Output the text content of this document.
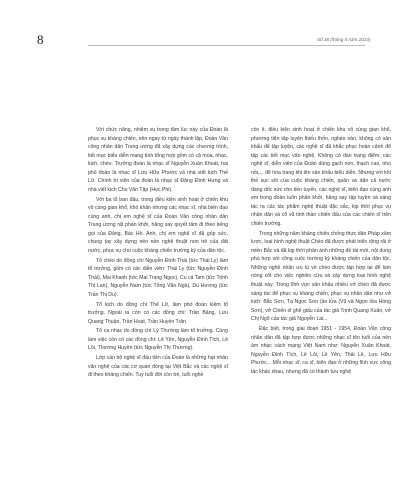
8	Số 36 (tháng 5 năm 2024)

Với chức năng, nhiệm vụ trong tâm lúc này của Đoàn là phục vụ kháng chiến, nên ngay từ ngày thành lập, Đoàn Văn công nhân dân Trung ương đã xây dựng các chương trình, tiết mục biểu diễn mang tính tổng hợp gồm có cả múa, nhạc, kịch, chèo. Trưởng đoàn là nhạc sĩ Nguyễn Xuân Khoát, hai phó đoàn là nhạc sĩ Lưu Hữu Phước và nhà viết kịch Thế Lữ. Chính trị viên của đoàn là nhạc sĩ Đặng Đình Hưng và nhà viết kịch Chu Văn Tập (Học Phi).

Với ba tổ ban đầu, trong điều kiện sinh hoạt ở chiến khu vô cùng gian khổ, khó khăn nhưng các nhạc sĩ, nhà biên đạo cùng anh, chị em nghệ sĩ của Đoàn Văn công nhân dân Trung ương rất phấn khởi, hăng say quyết tâm đi theo tiếng gọi của Đảng, Bác Hồ. Anh, chị em nghệ sĩ đã góp sức, chung tay xây dựng nền nền nghệ thuật non trẻ của đất nước, phục vụ cho cuộc kháng chiến trường kỳ của dân tộc.

Tổ chèo do đồng chí Nguyễn Đình Thái (tức Thái Ly) làm tổ trưởng, gồm có các diễn viên: Thái Ly (tức Nguyễn Đình Thái), Mai Khanh (tức Mai Trang Ngọc), Cu cả Tam (tức Trịnh Thị Lan), Nguyễn Nam (tức Tống Văn Ngà), Du Hương (tức Trần Thị Du).

Tổ kịch do đồng chí Thế Lữ, làm phó đoàn kiêm tổ trưởng. Ngoài ra còn có các đồng chí: Trần Bảng, Lưu Quang Thuận, Trần Hoạt, Trần Huyền Trân.

Tổ ca nhạc do đồng chí Lý Thường làm tổ trưởng. Cùng làm việc còn có các đồng chí: Lê Yên, Nguyễn Đình Tích, Lê Lôi, Thương Huyền (tức Nguyễn Thị Thương).

Lớp cán bộ nghệ sĩ đầu tiên của Đoàn là những hạt nhân văn nghệ của các cơ quan đóng tại Việt Bắc và các nghệ sĩ đi theo kháng chiến. Tuy tuổi đời còn trẻ, tuổi nghề

còn ít, điều kiện sinh hoạt ở chiến khu vô cùng gian khổ, phương tiện tập luyện thiếu thốn, nghèo nàn, không có sân khấu để tập luyện, các nghệ sĩ đã khắc phục hoàn cảnh để tập các tiết mục văn nghệ. Không có dàn trang điểm, các nghệ sĩ, diễn viên của Đoàn dùng gạch non, thạch cao, nhọ nồi,... để hóa trang khi lên sân khấu biểu diễn. Nhưng với khí thế sục sôi của cuộc kháng chiến, quân và dân cả nước đang dốc sức cho tiền tuyến, các nghệ sĩ, biên đạo cùng anh em trong đoàn luôn phấn khởi, hăng say tập luyện và sáng tác ra các tác phẩm nghệ thuật đặc sắc, kịp thời phục vụ nhân dân và cổ vũ tinh thần chiến đấu của các chiến sĩ trên chiến trường.

Trong những năm kháng chiến chống thực dân Pháp xâm lược, loại hình nghệ thuật Chèo đã được phát triển rộng rãi ở miền Bắc và đã kịp thời phản ánh những đề tài mới, nội dung phù hợp với công cuộc trường kỳ kháng chiến của dân tộc. Những nghệ nhân ưu tú về chèo được tập hợp lại để làm nòng cốt cho việc nghiên cứu và xây dựng loại hình nghệ thuật này. Trong lĩnh vực sân khấu nhiều vở chèo đã được sáng tác để phục vụ kháng chiến, phục vụ nhân dân như vở kịch: Bắc Sơn, Tạ Ngọc Sơn (ần lửa (Vũ và Ngọn lửa Hồng Sơn), vở Chiến sĩ ghế giấu của tác giả Trịnh Quang Xuân, vở Chị Ngõ của tác giả Nguyễn Lai...

Đặc biệt, trong giai đoạn 1951 - 1954, Đoàn Văn công nhân dân đã tập hợp được những nhạc sĩ tên tuổi của nền âm nhạc cách mạng Việt Nam như: Nguyễn Xuân Khoát, Nguyễn Đình Tích, Lê Lôi, Lê Yên, Thái Lê, Lưu Hữu Phước... Mỗi nhạc sĩ, ca sĩ, biên đạo ở những lĩnh vực công tác khác nhau, nhưng đã có thành tựu nghệ
